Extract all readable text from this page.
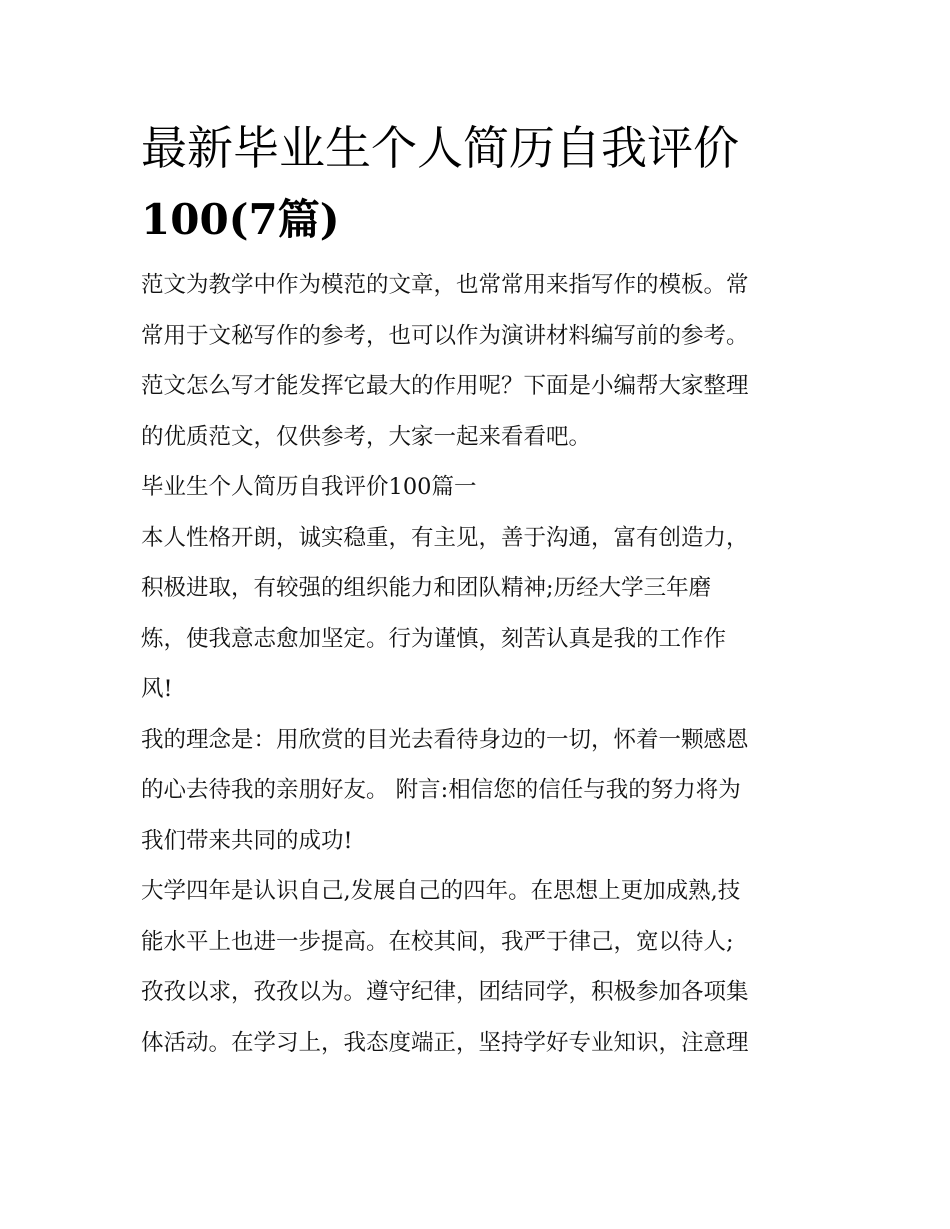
最新毕业生个人简历自我评价
100(7篇)

范文为教学中作为模范的文章，也常常用来指写作的模板。常
常用于文秘写作的参考，也可以作为演讲材料编写前的参考。
范文怎么写才能发挥它最大的作用呢？下面是小编帮大家整理
的优质范文，仅供参考，大家一起来看看吧。

毕业生个人简历自我评价100篇一

本人性格开朗，诚实稳重，有主见，善于沟通，富有创造力，
积极进取，有较强的组织能力和团队精神;历经大学三年磨
炼，使我意志愈加坚定。行为谨慎，刻苦认真是我的工作作
风!

我的理念是：用欣赏的目光去看待身边的一切，怀着一颗感恩
的心去待我的亲朋好友。 附言:相信您的信任与我的努力将为
我们带来共同的成功!

大学四年是认识自己,发展自己的四年。在思想上更加成熟,技
能水平上也进一步提高。在校其间，我严于律己，宽以待人;
孜孜以求，孜孜以为。遵守纪律，团结同学，积极参加各项集
体活动。在学习上，我态度端正，坚持学好专业知识，注意理
